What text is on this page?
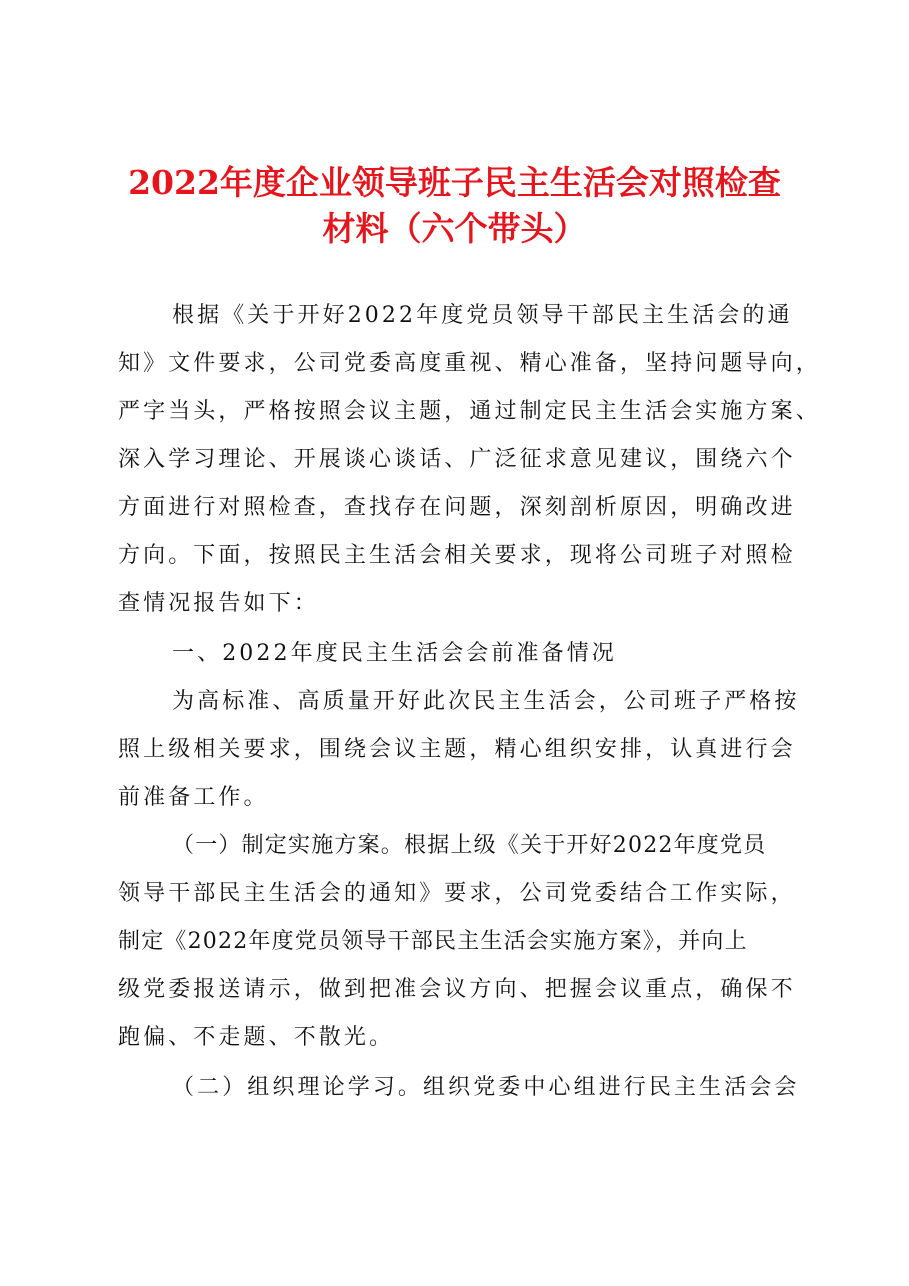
2022年度企业领导班子民主生活会对照检查
材料（六个带头）
根据《关于开好2022年度党员领导干部民主生活会的通
知》文件要求，公司党委高度重视、精心准备，坚持问题导向，
严字当头，严格按照会议主题，通过制定民主生活会实施方案、
深入学习理论、开展谈心谈话、广泛征求意见建议，围绕六个
方面进行对照检查，查找存在问题，深刻剖析原因，明确改进
方向。下面，按照民主生活会相关要求，现将公司班子对照检
查情况报告如下：
一、2022年度民主生活会会前准备情况
为高标准、高质量开好此次民主生活会，公司班子严格按
照上级相关要求，围绕会议主题，精心组织安排，认真进行会
前准备工作。
（一）制定实施方案。根据上级《关于开好2022年度党员
领导干部民主生活会的通知》要求，公司党委结合工作实际，
制定《2022年度党员领导干部民主生活会实施方案》，并向上
级党委报送请示，做到把准会议方向、把握会议重点，确保不
跑偏、不走题、不散光。
（二）组织理论学习。组织党委中心组进行民主生活会会
